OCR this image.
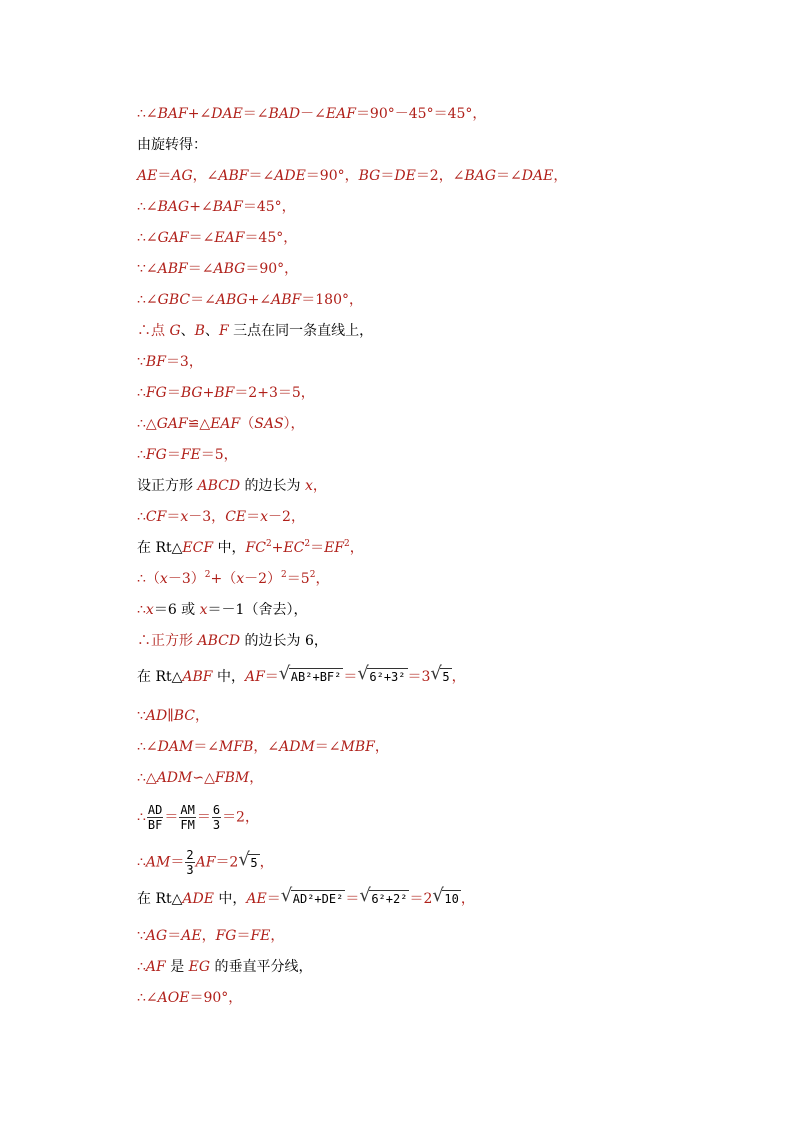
∴∠BAF+∠DAE＝∠BAD－∠EAF＝90°－45°＝45°，
由旋转得：
AE＝AG，∠ABF＝∠ADE＝90°，BG＝DE＝2，∠BAG＝∠DAE，
∴∠BAG+∠BAF＝45°，
∴∠GAF＝∠EAF＝45°，
∵∠ABF＝∠ABG＝90°，
∴∠GBC＝∠ABG+∠ABF＝180°，
∴点 G、B、F 三点在同一条直线上，
∵BF＝3，
∴FG＝BG+BF＝2+3＝5，
∴△GAF≌△EAF（SAS），
∴FG＝FE＝5，
设正方形 ABCD 的边长为 x，
∴CF＝x－3，CE＝x－2，
在 Rt△ECF 中，$FC^2+EC^2=EF^2$，
$\therefore(x-3)^2+(x-2)^2=5^2$，
∴x＝6 或 x＝－1（舍去），
∴正方形 ABCD 的边长为 6，
在 Rt△ABF 中，AF＝√ AB²+BF² ＝√ 6²+3² ＝3√ 5 ，
∵AD∥BC，
∴∠DAM＝∠MFB，∠ADM＝∠MBF，
∴△ADM∽△FBM，
∴ $\frac{AD}{BF} = \frac{AM}{FM} = \frac{6}{3} =2$，
∴AM＝ $\frac{2}{3} AF=2√$ 5 ，
在 Rt△ADE 中，AE＝√ AD²+DE² ＝√ 6²+2² ＝2√ 10 ，
∵AG＝AE，FG＝FE，
∴AF 是 EG 的垂直平分线，
∴∠AOE＝90°，
